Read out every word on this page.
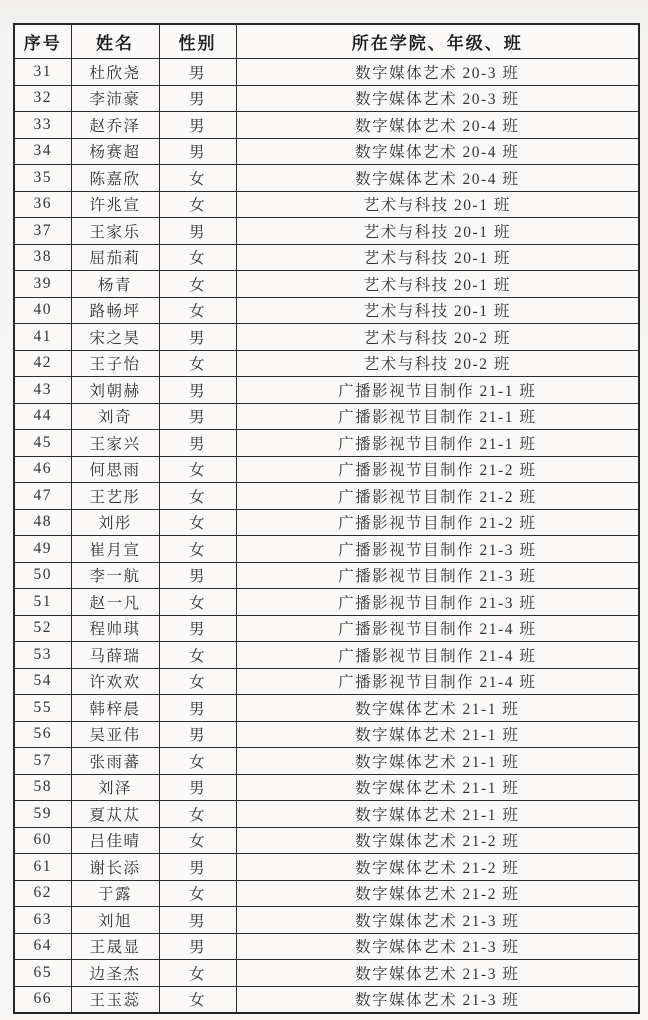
序号	姓名	性别	所在学院、年级、班
31	杜欣尧	男	数字媒体艺术 20-3 班
32	李沛豪	男	数字媒体艺术 20-3 班
33	赵乔泽	男	数字媒体艺术 20-4 班
34	杨赛超	男	数字媒体艺术 20-4 班
35	陈嘉欣	女	数字媒体艺术 20-4 班
36	许兆宣	女	艺术与科技 20-1 班
37	王家乐	男	艺术与科技 20-1 班
38	屈茄莉	女	艺术与科技 20-1 班
39	杨青	女	艺术与科技 20-1 班
40	路畅坪	女	艺术与科技 20-1 班
41	宋之昊	男	艺术与科技 20-2 班
42	王子怡	女	艺术与科技 20-2 班
43	刘朝赫	男	广播影视节目制作 21-1 班
44	刘奇	男	广播影视节目制作 21-1 班
45	王家兴	男	广播影视节目制作 21-1 班
46	何思雨	女	广播影视节目制作 21-2 班
47	王艺彤	女	广播影视节目制作 21-2 班
48	刘彤	女	广播影视节目制作 21-2 班
49	崔月宣	女	广播影视节目制作 21-3 班
50	李一航	男	广播影视节目制作 21-3 班
51	赵一凡	女	广播影视节目制作 21-3 班
52	程帅琪	男	广播影视节目制作 21-4 班
53	马薛瑞	女	广播影视节目制作 21-4 班
54	许欢欢	女	广播影视节目制作 21-4 班
55	韩梓晨	男	数字媒体艺术 21-1 班
56	吴亚伟	男	数字媒体艺术 21-1 班
57	张雨蕃	女	数字媒体艺术 21-1 班
58	刘泽	男	数字媒体艺术 21-1 班
59	夏苁苁	女	数字媒体艺术 21-1 班
60	吕佳晴	女	数字媒体艺术 21-2 班
61	谢长添	男	数字媒体艺术 21-2 班
62	于露	女	数字媒体艺术 21-2 班
63	刘旭	男	数字媒体艺术 21-3 班
64	王晟显	男	数字媒体艺术 21-3 班
65	边圣杰	女	数字媒体艺术 21-3 班
66	王玉蕊	女	数字媒体艺术 21-3 班
